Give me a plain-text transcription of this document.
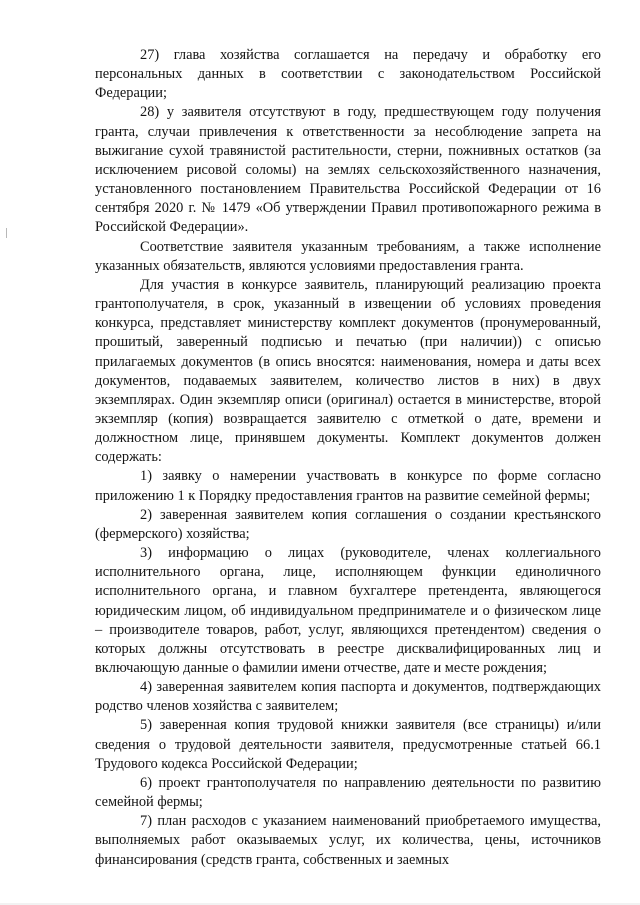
27) глава хозяйства соглашается на передачу и обработку его персональных данных в соответствии с законодательством Российской Федерации;

28) у заявителя отсутствуют в году, предшествующем году получения гранта, случаи привлечения к ответственности за несоблюдение запрета на выжигание сухой травянистой растительности, стерни, пожнивных остатков (за исключением рисовой соломы) на землях сельскохозяйственного назначения, установленного постановлением Правительства Российской Федерации от 16 сентября 2020 г. № 1479 «Об утверждении Правил противопожарного режима в Российской Федерации».

Соответствие заявителя указанным требованиям, а также исполнение указанных обязательств, являются условиями предоставления гранта.

Для участия в конкурсе заявитель, планирующий реализацию проекта грантополучателя, в срок, указанный в извещении об условиях проведения конкурса, представляет министерству комплект документов (пронумерованный, прошитый, заверенный подписью и печатью (при наличии)) с описью прилагаемых документов (в опись вносятся: наименования, номера и даты всех документов, подаваемых заявителем, количество листов в них) в двух экземплярах. Один экземпляр описи (оригинал) остается в министерстве, второй экземпляр (копия) возвращается заявителю с отметкой о дате, времени и должностном лице, принявшем документы. Комплект документов должен содержать:

1) заявку о намерении участвовать в конкурсе по форме согласно приложению 1 к Порядку предоставления грантов на развитие семейной фермы;

2) заверенная заявителем копия соглашения о создании крестьянского (фермерского) хозяйства;

3) информацию о лицах (руководителе, членах коллегиального исполнительного органа, лице, исполняющем функции единоличного исполнительного органа, и главном бухгалтере претендента, являющегося юридическим лицом, об индивидуальном предпринимателе и о физическом лице – производителе товаров, работ, услуг, являющихся претендентом) сведения о которых должны отсутствовать в реестре дисквалифицированных лиц и включающую данные о фамилии имени отчестве, дате и месте рождения;

4) заверенная заявителем копия паспорта и документов, подтверждающих родство членов хозяйства с заявителем;

5) заверенная копия трудовой книжки заявителя (все страницы) и/или сведения о трудовой деятельности заявителя, предусмотренные статьей 66.1 Трудового кодекса Российской Федерации;

6) проект грантополучателя по направлению деятельности по развитию семейной фермы;

7) план расходов с указанием наименований приобретаемого имущества, выполняемых работ оказываемых услуг, их количества, цены, источников финансирования (средств гранта, собственных и заемных
